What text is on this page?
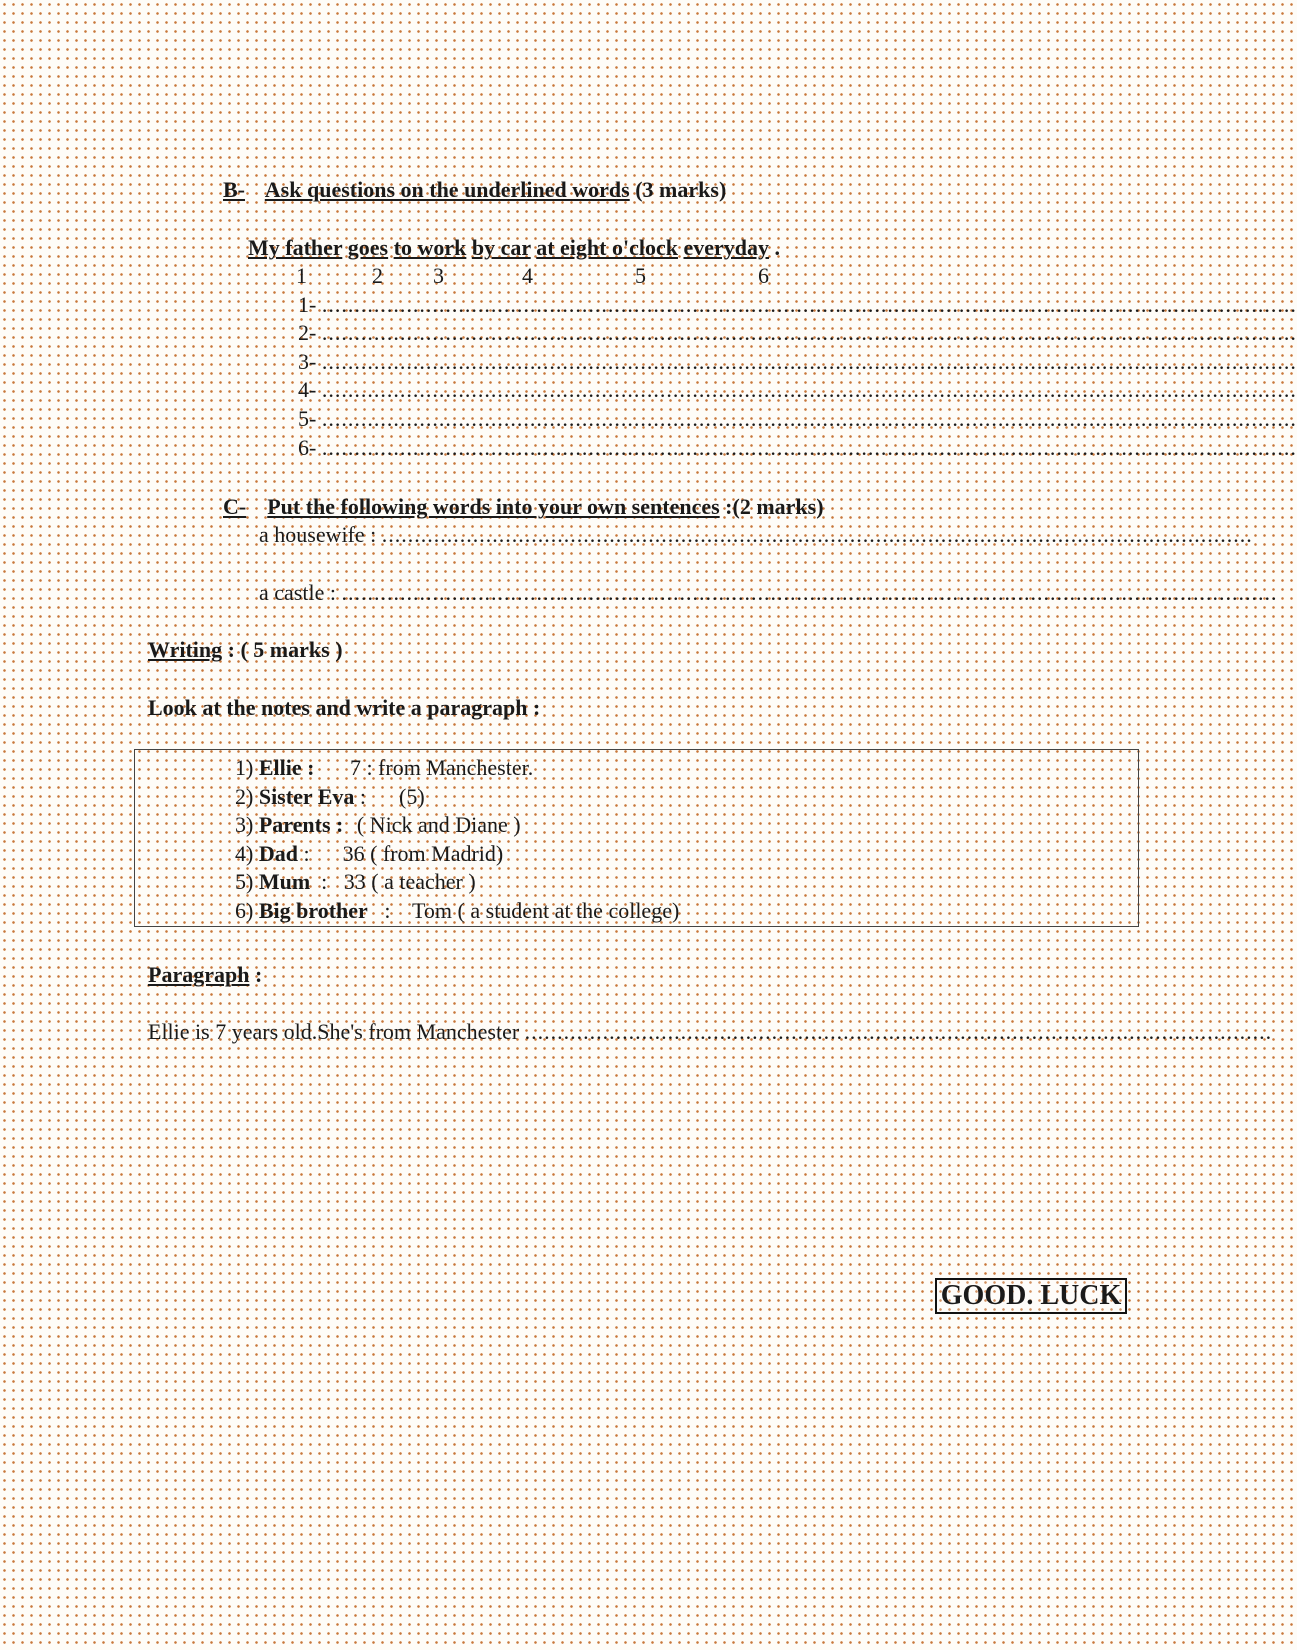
B- Ask questions on the underlined words (3 marks)
My father goes to work by car at eight o'clock everyday .
1	2 3	4	5	6
1- ......................................................................................................................................................
2- ......................................................................................................................................................
3- ......................................................................................................................................................
4- ......................................................................................................................................................
5- ......................................................................................................................................................
6- ......................................................................................................................................................
C- Put the following words into your own sentences :(2 marks)
a housewife : ......................................................................................................................................
a castle : ................................................................................................................................................
Writing : ( 5 marks )
Look at the notes and write a paragraph :
1) Ellie : 7 : from Manchester.
2) Sister Eva :      (5)
3) Parents : ( Nick and Diane )
4) Dad :      36 ( from Madrid)
5) Mum  :   33 ( a teacher )
6) Big brother   :    Tom ( a student at the college)
Paragraph :
Ellie is 7 years old.She's from Manchester ...................................................................................................................
GOOD. LUCK
